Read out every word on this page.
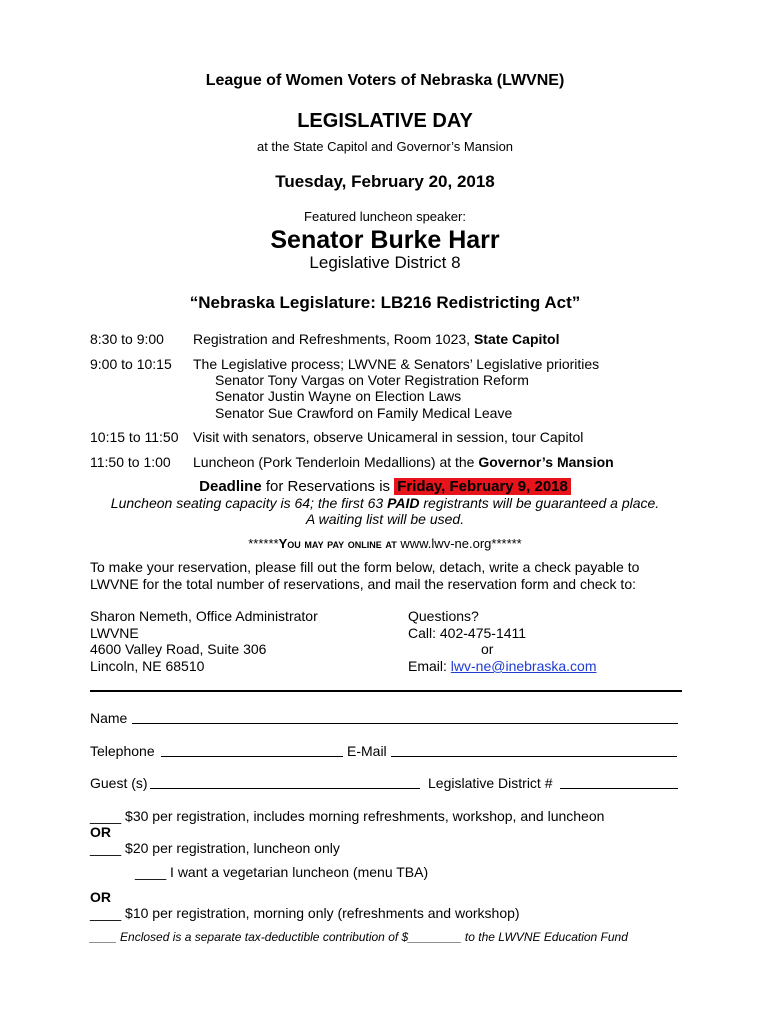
League of Women Voters of Nebraska (LWVNE)
LEGISLATIVE DAY
at the State Capitol and Governor’s Mansion
Tuesday, February 20, 2018
Featured luncheon speaker:
Senator Burke Harr
Legislative District 8
“Nebraska Legislature: LB216 Redistricting Act”
8:30 to 9:00 Registration and Refreshments, Room 1023, State Capitol
9:00 to 10:15 The Legislative process; LWVNE & Senators’ Legislative priorities
Senator Tony Vargas on Voter Registration Reform
Senator Justin Wayne on Election Laws
Senator Sue Crawford on Family Medical Leave
10:15 to 11:50 Visit with senators, observe Unicameral in session, tour Capitol
11:50 to 1:00 Luncheon (Pork Tenderloin Medallions) at the Governor’s Mansion
Deadline for Reservations is Friday, February 9, 2018
Luncheon seating capacity is 64; the first 63 PAID registrants will be guaranteed a place.
A waiting list will be used.
******You may pay online at www.lwv-ne.org******
To make your reservation, please fill out the form below, detach, write a check payable to
LWVNE for the total number of reservations, and mail the reservation form and check to:
Sharon Nemeth, Office Administrator
LWVNE
4600 Valley Road, Suite 306
Lincoln, NE 68510
Questions?
Call: 402-475-1411
or
Email: lwv-ne@inebraska.com
Name
Telephone	E-Mail
Guest (s)	Legislative District #
____ $30 per registration, includes morning refreshments, workshop, and luncheon
OR
____ $20 per registration, luncheon only
____ I want a vegetarian luncheon (menu TBA)
OR
____ $10 per registration, morning only (refreshments and workshop)
____ Enclosed is a separate tax-deductible contribution of $________ to the LWVNE Education Fund
